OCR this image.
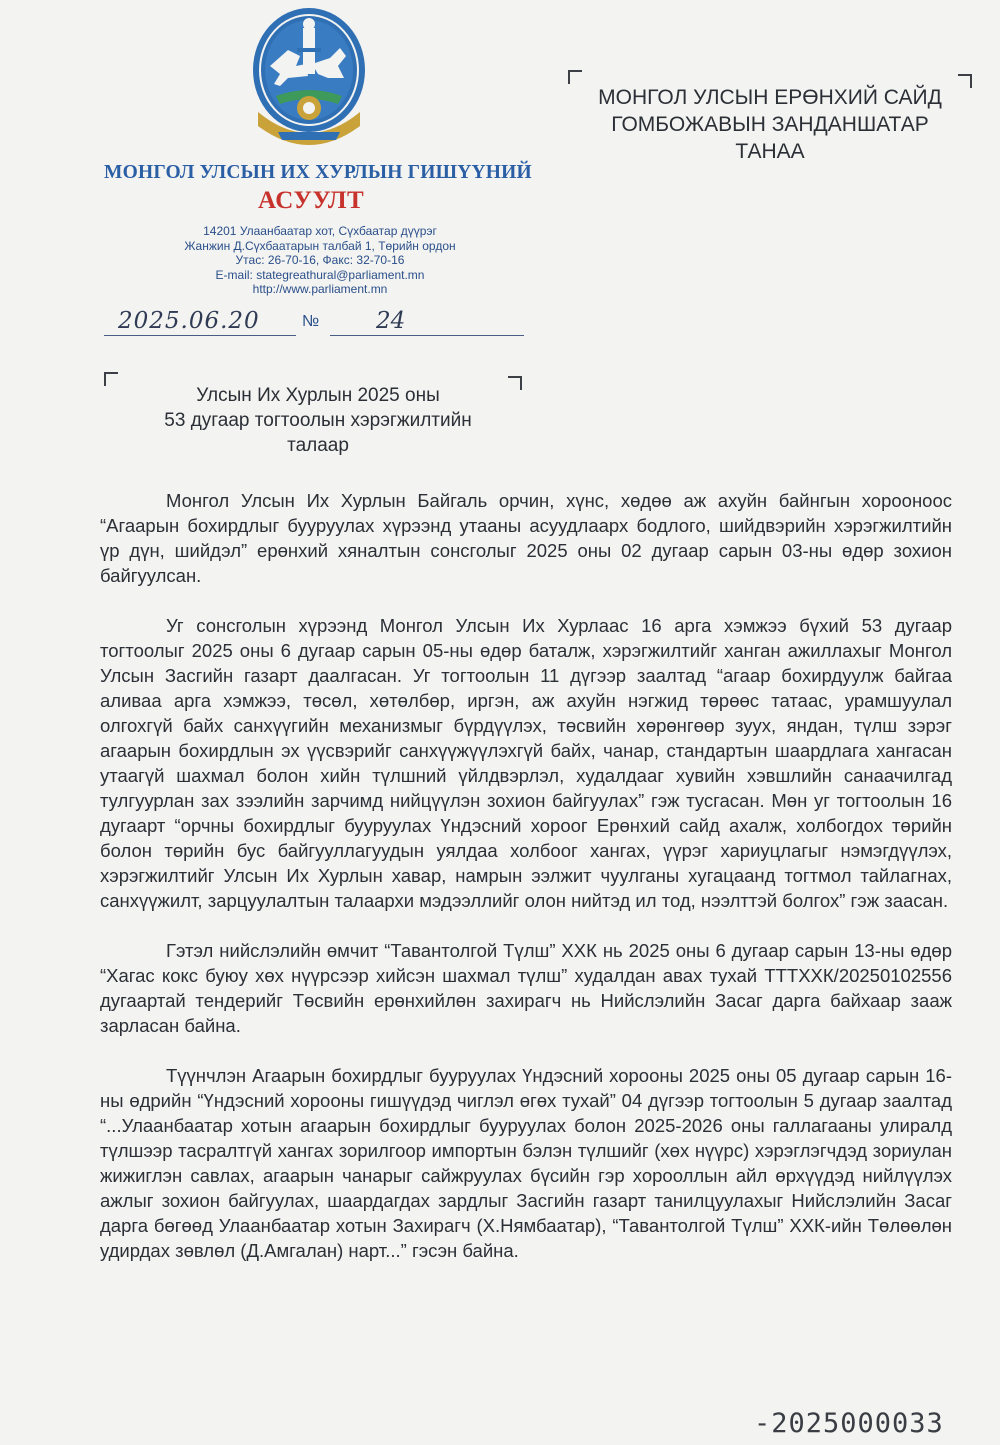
МОНГОЛ УЛСЫН ИХ ХУРЛЫН ГИШҮҮНИЙ
АСУУЛТ
14201 Улаанбаатар хот, Сүхбаатар дүүрэг
Жанжин Д.Сүхбаатарын талбай 1, Төрийн ордон
Утас: 26-70-16, Факс: 32-70-16
E-mail: stategreathural@parliament.mn
http://www.parliament.mn
2025.06.20	№ 24
МОНГОЛ УЛСЫН ЕРӨНХИЙ САЙД
ГОМБОЖАВЫН ЗАНДАНШАТАР
ТАНАА
Улсын Их Хурлын 2025 оны
53 дугаар тогтоолын хэрэгжилтийн
талаар

Монгол Улсын Их Хурлын Байгаль орчин, хүнс, хөдөө аж ахуйн байнгын хорооноос “Агаарын бохирдлыг бууруулах хүрээнд утааны асуудлаарх бодлого, шийдвэрийн хэрэгжилтийн үр дүн, шийдэл” ерөнхий хяналтын сонсголыг 2025 оны 02 дугаар сарын 03-ны өдөр зохион байгуулсан.

Уг сонсголын хүрээнд Монгол Улсын Их Хурлаас 16 арга хэмжээ бүхий 53 дугаар тогтоолыг 2025 оны 6 дугаар сарын 05-ны өдөр баталж, хэрэгжилтийг ханган ажиллахыг Монгол Улсын Засгийн газарт даалгасан. Уг тогтоолын 11 дүгээр заалтад “агаар бохирдуулж байгаа аливаа арга хэмжээ, төсөл, хөтөлбөр, иргэн, аж ахуйн нэгжид төрөөс татаас, урамшуулал олгохгүй байх санхүүгийн механизмыг бүрдүүлэх, төсвийн хөрөнгөөр зуух, яндан, түлш зэрэг агаарын бохирдлын эх үүсвэрийг санхүүжүүлэхгүй байх, чанар, стандартын шаардлага хангасан утаагүй шахмал болон хийн түлшний үйлдвэрлэл, худалдааг хувийн хэвшлийн санаачилгад тулгуурлан зах зээлийн зарчимд нийцүүлэн зохион байгуулах” гэж тусгасан. Мөн уг тогтоолын 16 дугаарт “орчны бохирдлыг бууруулах Үндэсний хороог Ерөнхий сайд ахалж, холбогдох төрийн болон төрийн бус байгууллагуудын уялдаа холбоог хангах, үүрэг хариуцлагыг нэмэгдүүлэх, хэрэгжилтийг Улсын Их Хурлын хавар, намрын ээлжит чуулганы хугацаанд тогтмол тайлагнах, санхүүжилт, зарцуулалтын талаархи мэдээллийг олон нийтэд ил тод, нээлттэй болгох” гэж заасан.

Гэтэл нийслэлийн өмчит “Тавантолгой Түлш” ХХК нь 2025 оны 6 дугаар сарын 13-ны өдөр “Хагас кокс буюу хөх нүүрсээр хийсэн шахмал түлш” худалдан авах тухай ТТТХХК/20250102556 дугаартай тендерийг Төсвийн ерөнхийлөн захирагч нь Нийслэлийн Засаг дарга байхаар зааж зарласан байна.

Түүнчлэн Агаарын бохирдлыг бууруулах Үндэсний хорооны 2025 оны 05 дугаар сарын 16-ны өдрийн “Үндэсний хорооны гишүүдэд чиглэл өгөх тухай” 04 дүгээр тогтоолын 5 дугаар заалтад “...Улаанбаатар хотын агаарын бохирдлыг бууруулах болон 2025-2026 оны галлагааны улиралд түлшээр тасралтгүй хангах зорилгоор импортын бэлэн түлшийг (хөх нүүрс) хэрэглэгчдэд зориулан жижиглэн савлах, агаарын чанарыг сайжруулах бүсийн гэр хорооллын айл өрхүүдэд нийлүүлэх ажлыг зохион байгуулах, шаардагдах зардлыг Засгийн газарт танилцуулахыг Нийслэлийн Засаг дарга бөгөөд Улаанбаатар хотын Захирагч (Х.Нямбаатар), “Тавантолгой Түлш” ХХК-ийн Төлөөлөн удирдах зөвлөл (Д.Амгалан) нарт...” гэсэн байна.

-2025000033
